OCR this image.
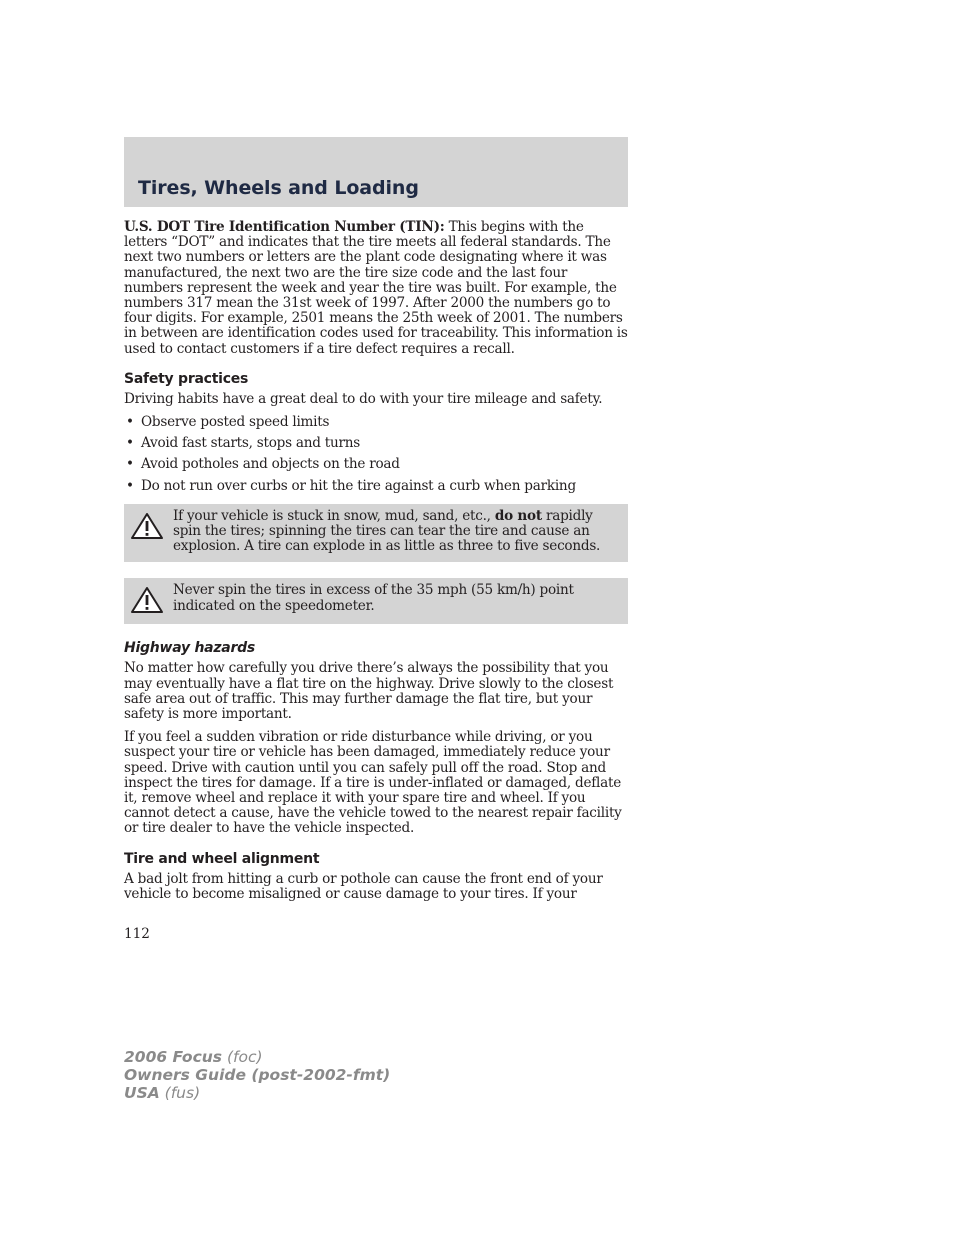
Tires, Wheels and Loading

U.S. DOT Tire Identification Number (TIN): This begins with the letters “DOT” and indicates that the tire meets all federal standards. The next two numbers or letters are the plant code designating where it was manufactured, the next two are the tire size code and the last four numbers represent the week and year the tire was built. For example, the numbers 317 mean the 31st week of 1997. After 2000 the numbers go to four digits. For example, 2501 means the 25th week of 2001. The numbers in between are identification codes used for traceability. This information is used to contact customers if a tire defect requires a recall.

Safety practices

Driving habits have a great deal to do with your tire mileage and safety.

• Observe posted speed limits
• Avoid fast starts, stops and turns
• Avoid potholes and objects on the road
• Do not run over curbs or hit the tire against a curb when parking
If your vehicle is stuck in snow, mud, sand, etc., do not rapidly spin the tires; spinning the tires can tear the tire and cause an explosion. A tire can explode in as little as three to five seconds.
Never spin the tires in excess of the 35 mph (55 km/h) point indicated on the speedometer.
Highway hazards

No matter how carefully you drive there’s always the possibility that you may eventually have a flat tire on the highway. Drive slowly to the closest safe area out of traffic. This may further damage the flat tire, but your safety is more important.

If you feel a sudden vibration or ride disturbance while driving, or you suspect your tire or vehicle has been damaged, immediately reduce your speed. Drive with caution until you can safely pull off the road. Stop and inspect the tires for damage. If a tire is under-inflated or damaged, deflate it, remove wheel and replace it with your spare tire and wheel. If you cannot detect a cause, have the vehicle towed to the nearest repair facility or tire dealer to have the vehicle inspected.

Tire and wheel alignment

A bad jolt from hitting a curb or pothole can cause the front end of your vehicle to become misaligned or cause damage to your tires. If your

112
2006 Focus (foc)
Owners Guide (post-2002-fmt)
USA (fus)
